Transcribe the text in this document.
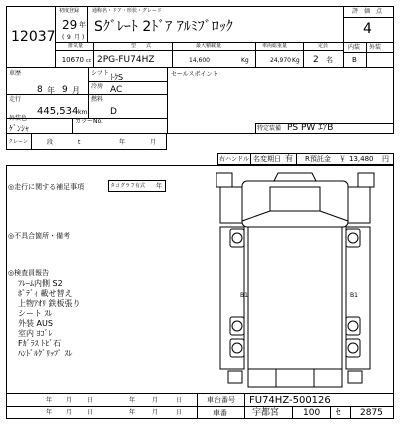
12037
初度登録
29 年
( 9 月 )
通称名・ドア・形状・グレード
Sｸﾞﾚｰﾄ 2ﾄﾞｱ ｱﾙﾐﾌﾞﾛｯｸ
評　価　点
4
内装 外装
B
排気量
10670 cc
型　　式
2PG-FU74HZ
最大積載量
14,600	Kg
車両総重量
24,970 Kg
定員
2 名
車歴	シフト ﾄｸS
冷房 AC
8 年 9 月
走行
445,534 km
燃料
D
外装色
ｹﾞﾝｼｬ
カラーNo.
セールスポイント
クレーン	段	t	年	月
特定装備 PS PW ｴｱB
右ハンドル 名変期日 有 R預託金 ￥ 13,480 円
◎走行に関する補足事項	タコグラフ有式 年
◎不具合箇所・備考
◎検査員報告
ﾌﾚｰﾑ内側 S2
ﾎﾞﾃﾞｨ 載せ替え
上物ｱｵﾘ 鉄板張り
シート ｽﾚ
外装 AUS
室内 ﾖｺﾞﾚ
Fｶﾞﾗｽ ﾄﾋﾞ石
ﾊﾝﾄﾞﾙｸﾞﾘｯﾌﾟ ｽﾚ
B1	B1
年 月 日	年	月	日
年 月 日	年	月	日
車台番号 FU74HZ-500126
車番	宇都宮	100 ｾ 2875
